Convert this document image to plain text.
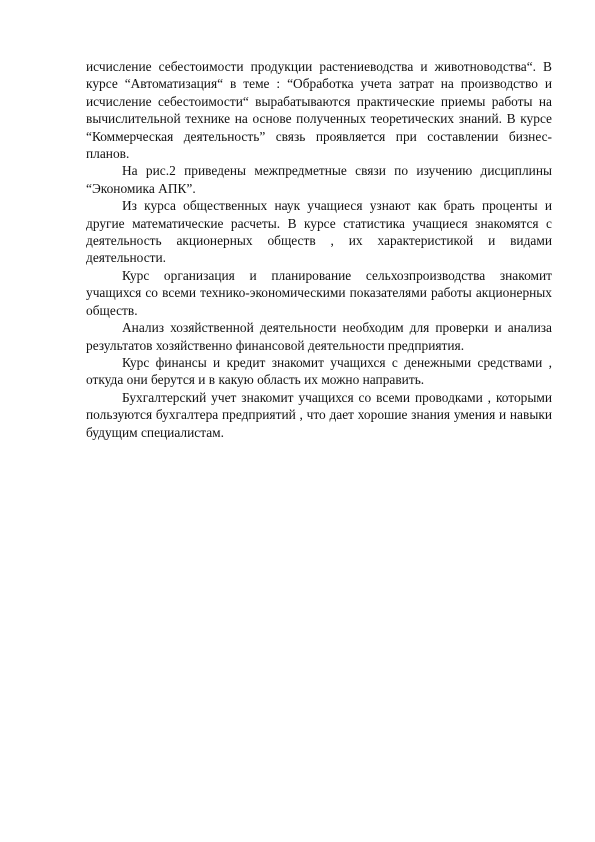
исчисление себестоимости продукции растениеводства и животноводства“. В курсе “Автоматизация“ в теме : “Обработка учета затрат на производство и исчисление себестоимости“ вырабатываются практические приемы работы на вычислительной технике на основе полученных теоретических знаний. В курсе “Коммерческая деятельность” связь проявляется при составлении бизнес-планов.

На рис.2 приведены межпредметные связи по изучению дисциплины “Экономика АПК”.

Из курса общественных наук учащиеся узнают как брать проценты и другие математические расчеты. В курсе статистика учащиеся знакомятся с деятельность акционерных обществ , их характеристикой и видами деятельности.

Курс организация и планирование сельхозпроизводства знакомит учащихся со всеми технико-экономическими показателями работы акционерных обществ.

Анализ хозяйственной деятельности необходим для проверки и анализа результатов хозяйственно финансовой деятельности предприятия.

Курс финансы и кредит знакомит учащихся с денежными средствами , откуда они берутся и в какую область их можно направить.

Бухгалтерский учет знакомит учащихся со всеми проводками , которыми пользуются бухгалтера предприятий , что дает хорошие знания умения и навыки будущим специалистам.
